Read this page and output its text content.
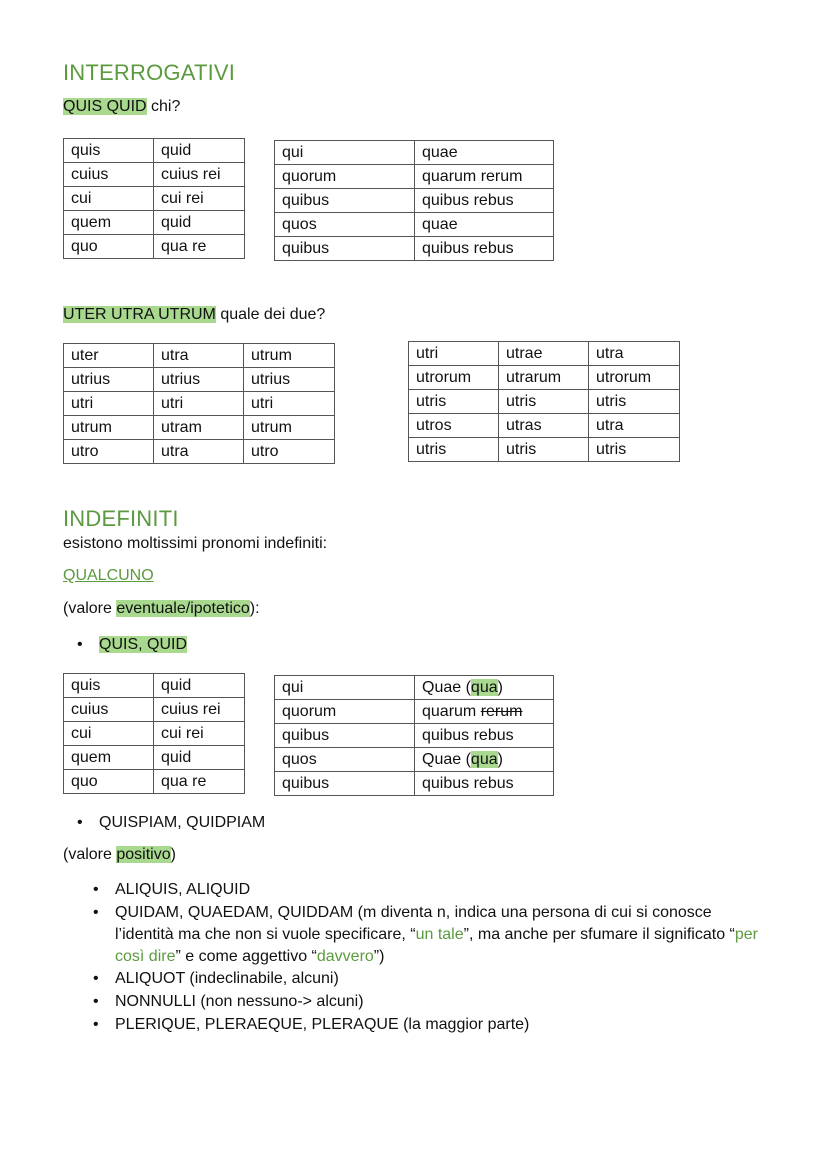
INTERROGATIVI
QUIS QUID chi?
quis	quid
cuius	cuius rei
cui	cui rei
quem	quid
quo	qua re
qui	quae
quorum	quarum rerum
quibus	quibus rebus
quos	quae
quibus	quibus rebus
UTER UTRA UTRUM quale dei due?
uter	utra	utrum
utrius	utrius	utrius
utri	utri	utri
utrum	utram	utrum
utro	utra	utro
utri	utrae	utra
utrorum	utrarum	utrorum
utris	utris	utris
utros	utras	utra
utris	utris	utris
INDEFINITI
esistono moltissimi pronomi indefiniti:
QUALCUNO
(valore eventuale/ipotetico):
• QUIS, QUID
quis	quid
cuius	cuius rei
cui	cui rei
quem	quid
quo	qua re
qui	Quae (qua)
quorum	quarum rerum
quibus	quibus rebus
quos	Quae (qua)
quibus	quibus rebus
• QUISPIAM, QUIDPIAM
(valore positivo)
• ALIQUIS, ALIQUID
• QUIDAM, QUAEDAM, QUIDDAM (m diventa n, indica una persona di cui si conosce l’identità ma che non si vuole specificare, “un tale”, ma anche per sfumare il significato “per così dire” e come aggettivo “davvero”)
• ALIQUOT (indeclinabile, alcuni)
• NONNULLI (non nessuno-> alcuni)
• PLERIQUE, PLERAEQUE, PLERAQUE (la maggior parte)
